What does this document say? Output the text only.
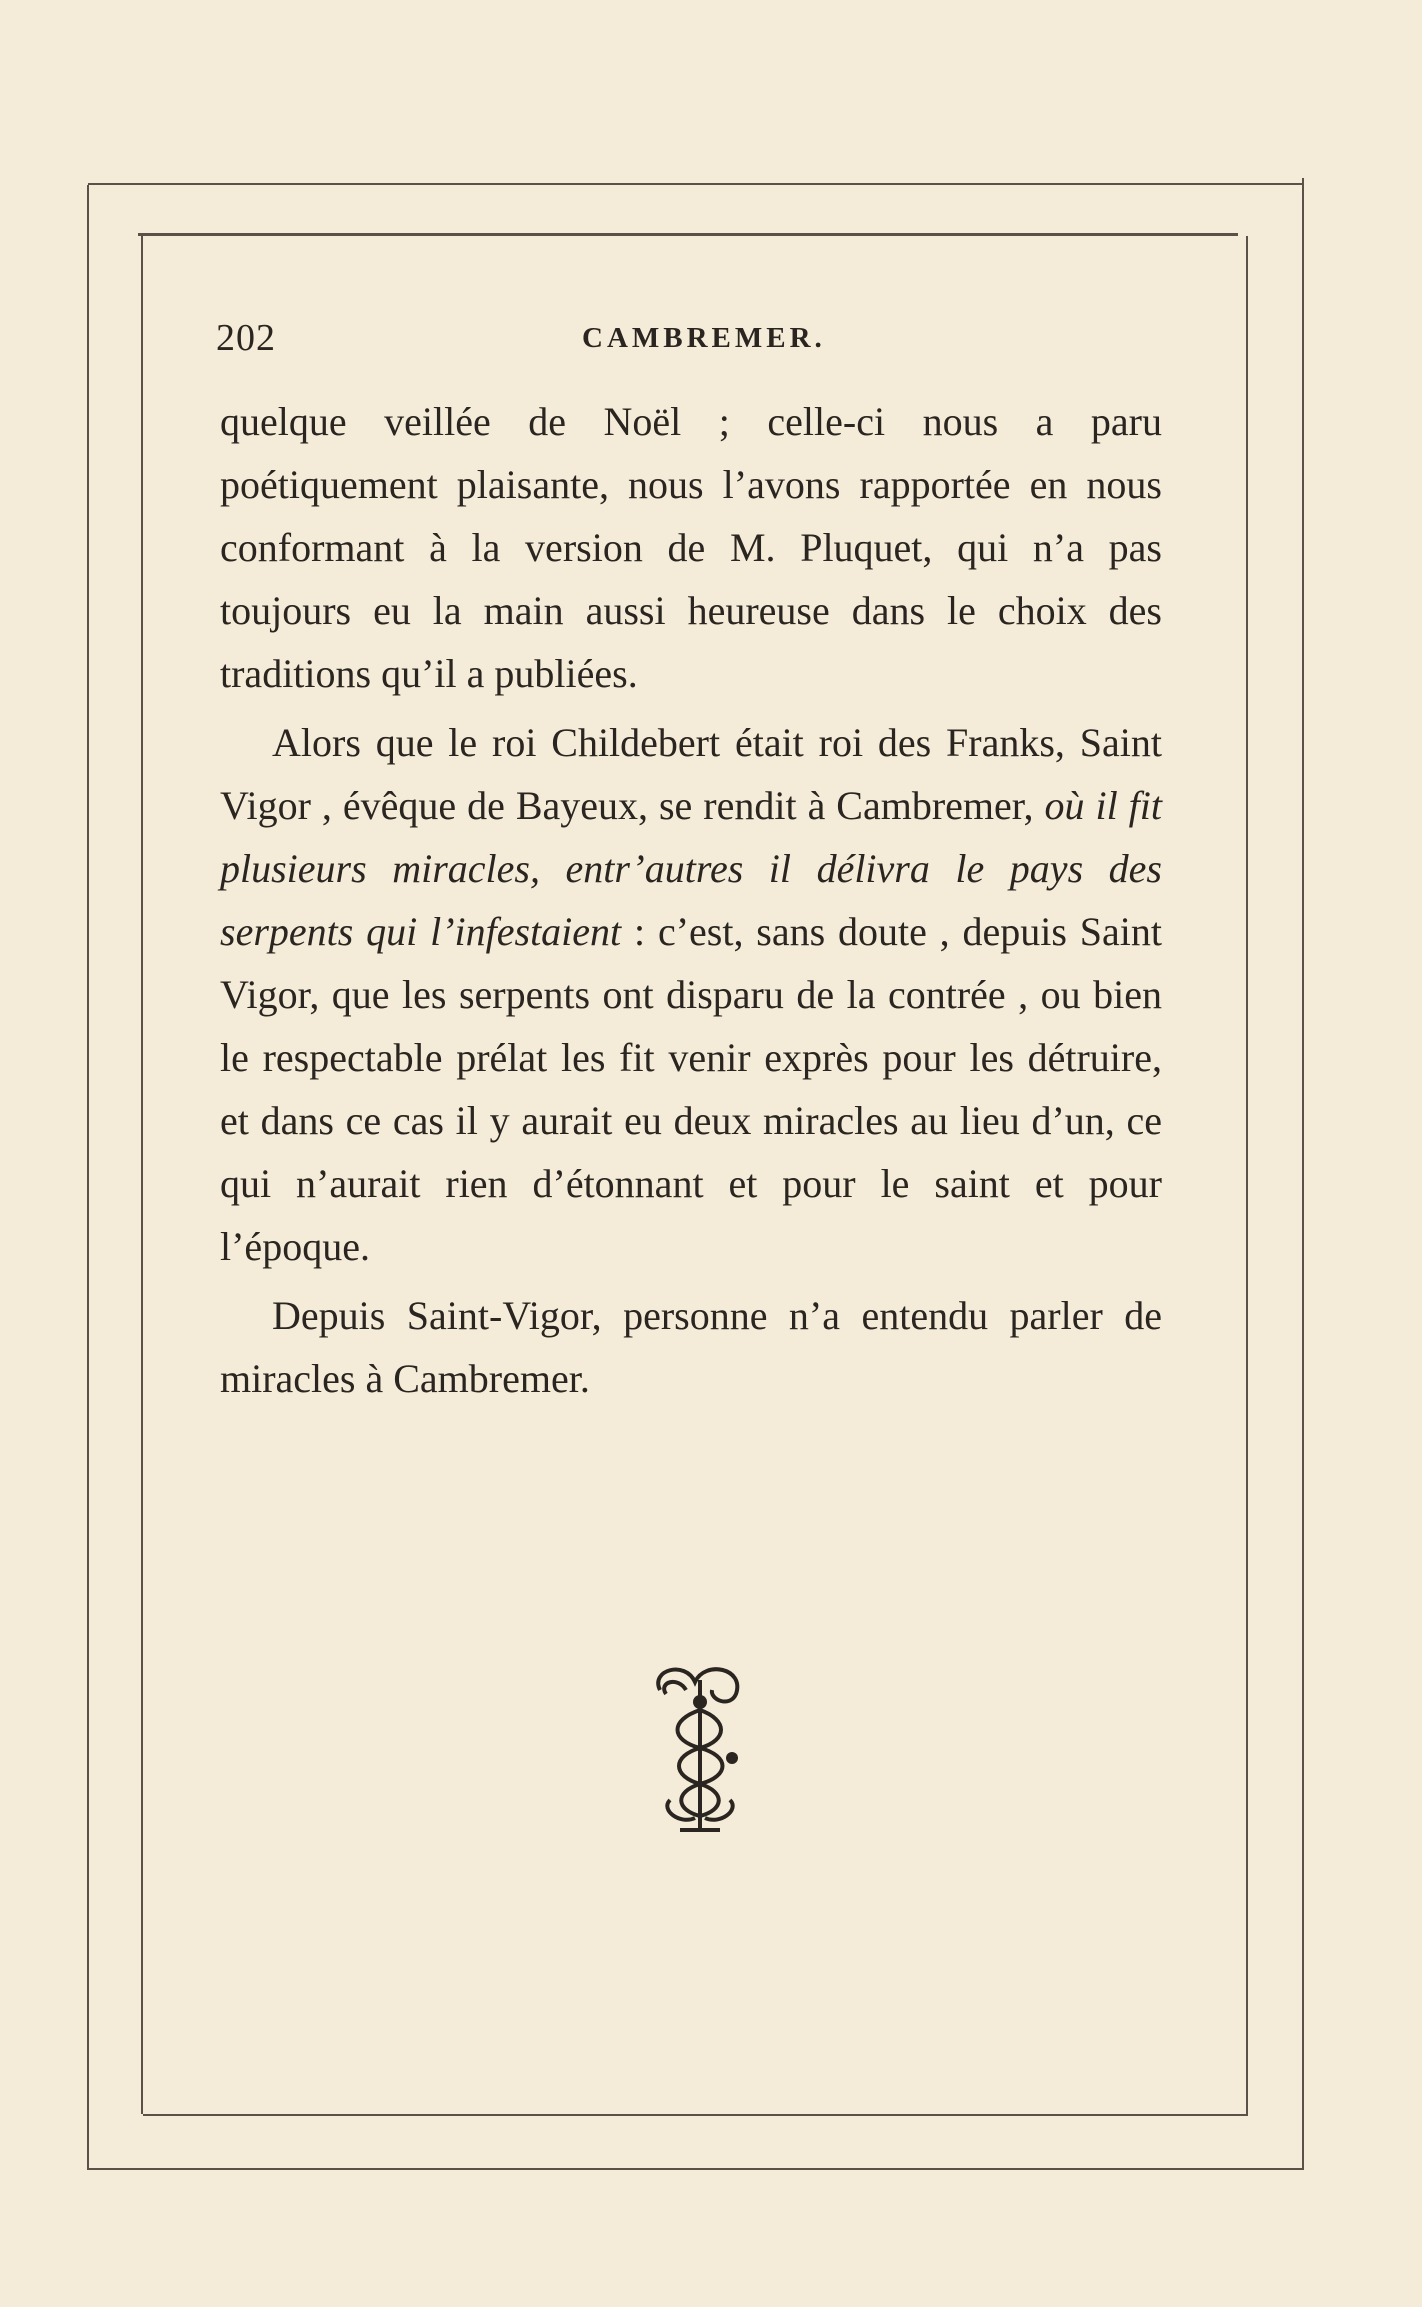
202	CAMBREMER.

quelque veillée de Noël ; celle-ci nous a paru poétiquement plaisante, nous l’avons rapportée en nous conformant à la version de M. Pluquet, qui n’a pas toujours eu la main aussi heureuse dans le choix des traditions qu’il a publiées.

Alors que le roi Childebert était roi des Franks, Saint Vigor , évêque de Bayeux, se rendit à Cambremer, où il fit plusieurs miracles, entr’autres il délivra le pays des serpents qui l’infestaient : c’est, sans doute , depuis Saint Vigor, que les serpents ont disparu de la contrée , ou bien le respectable prélat les fit venir exprès pour les détruire, et dans ce cas il y aurait eu deux miracles au lieu d’un, ce qui n’aurait rien d’étonnant et pour le saint et pour l’époque.

Depuis Saint-Vigor, personne n’a entendu parler de miracles à Cambremer.
